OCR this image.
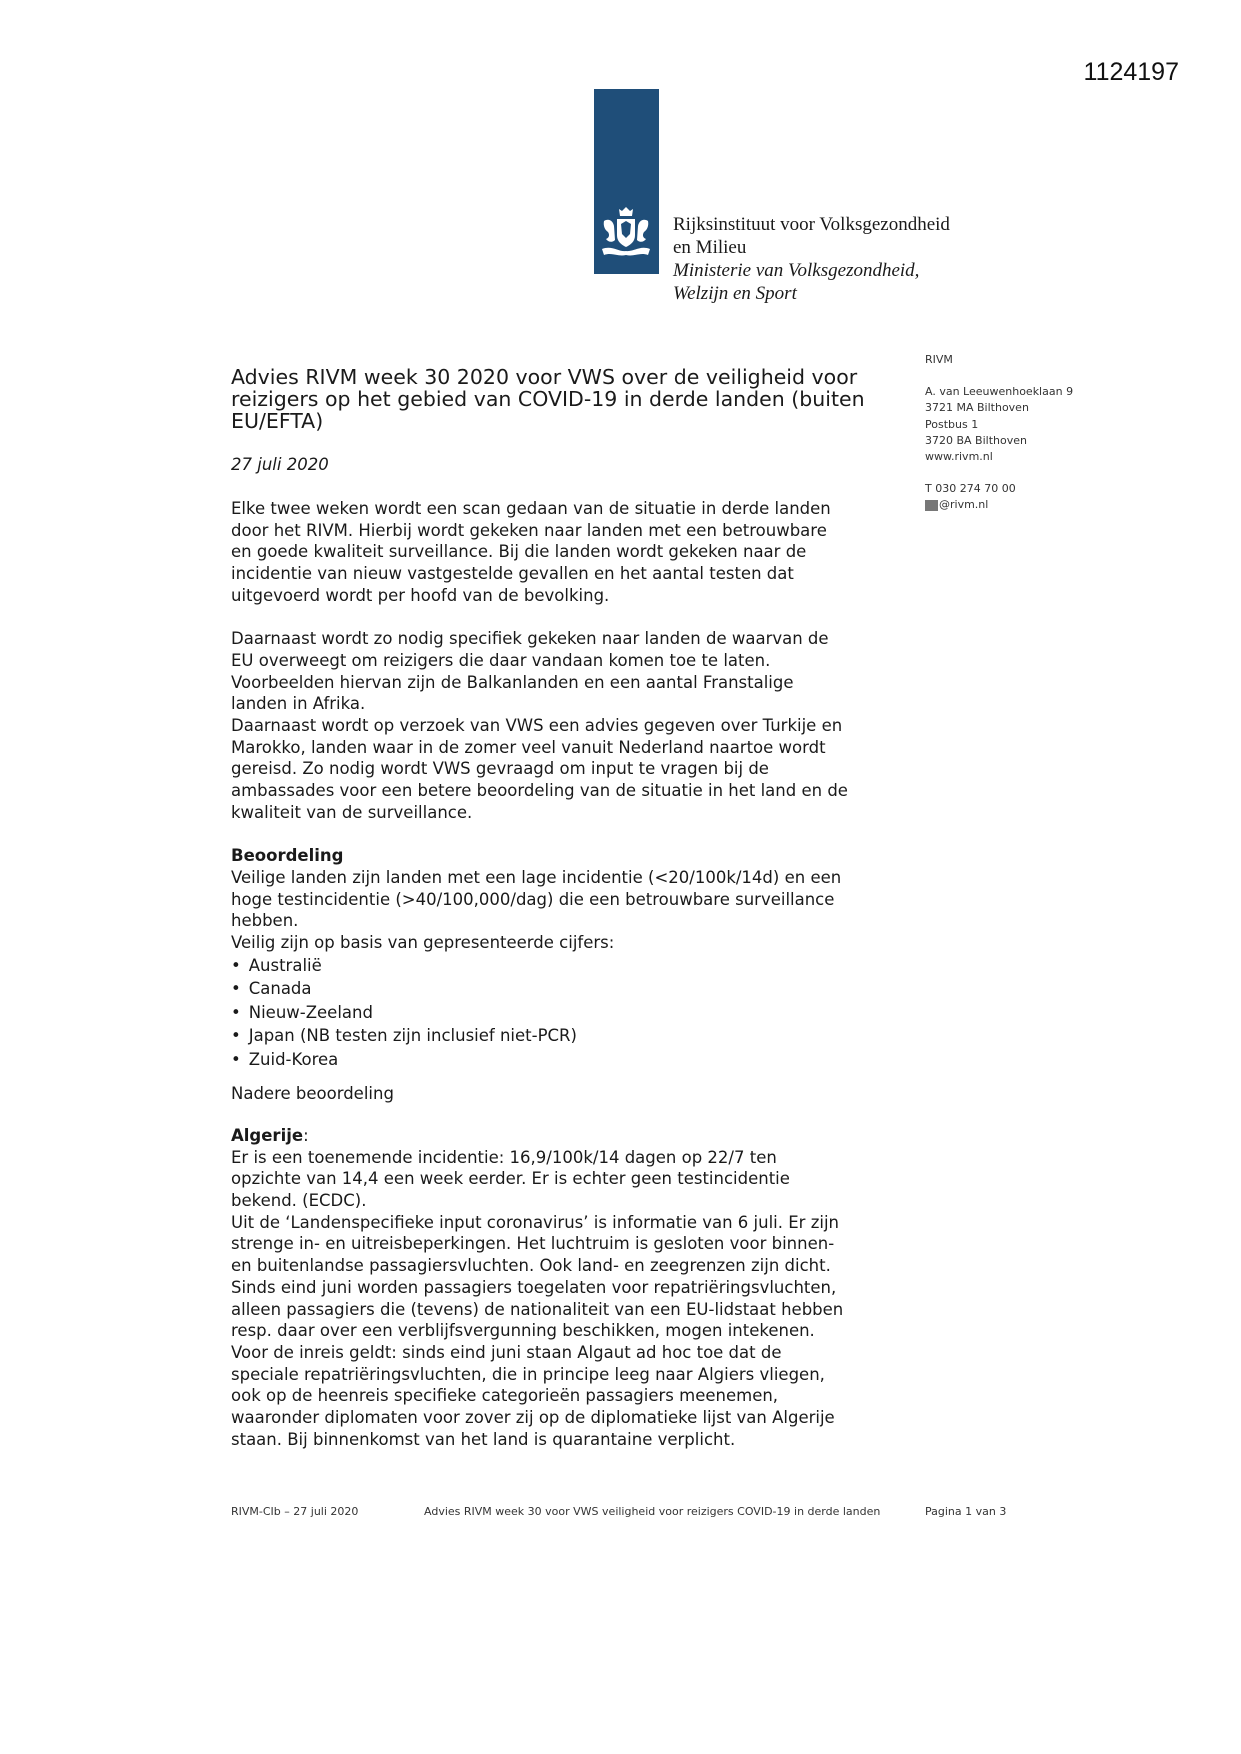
1124197
Rijksinstituut voor Volksgezondheid
en Milieu
Ministerie van Volksgezondheid,
Welzijn en Sport
RIVM
A. van Leeuwenhoeklaan 9
3721 MA Bilthoven
Postbus 1
3720 BA Bilthoven
www.rivm.nl
T 030 274 70 00
@rivm.nl
Advies RIVM week 30 2020 voor VWS over de veiligheid voor reizigers op het gebied van COVID-19 in derde landen (buiten EU/EFTA)
27 juli 2020

Elke twee weken wordt een scan gedaan van de situatie in derde landen

door het RIVM. Hierbij wordt gekeken naar landen met een betrouwbare

en goede kwaliteit surveillance. Bij die landen wordt gekeken naar de

incidentie van nieuw vastgestelde gevallen en het aantal testen dat

uitgevoerd wordt per hoofd van de bevolking.

Daarnaast wordt zo nodig specifiek gekeken naar landen de waarvan de

EU overweegt om reizigers die daar vandaan komen toe te laten.

Voorbeelden hiervan zijn de Balkanlanden en een aantal Franstalige

landen in Afrika.

Daarnaast wordt op verzoek van VWS een advies gegeven over Turkije en

Marokko, landen waar in de zomer veel vanuit Nederland naartoe wordt

gereisd. Zo nodig wordt VWS gevraagd om input te vragen bij de

ambassades voor een betere beoordeling van de situatie in het land en de

kwaliteit van de surveillance.

Beoordeling

Veilige landen zijn landen met een lage incidentie (<20/100k/14d) en een

hoge testincidentie (>40/100,000/dag) die een betrouwbare surveillance

hebben.

Veilig zijn op basis van gepresenteerde cijfers:

• Australië
• Canada
• Nieuw-Zeeland
• Japan (NB testen zijn inclusief niet-PCR)
• Zuid-Korea

Nadere beoordeling

Algerije:

Er is een toenemende incidentie: 16,9/100k/14 dagen op 22/7 ten

opzichte van 14,4 een week eerder. Er is echter geen testincidentie

bekend. (ECDC).

Uit de ‘Landenspecifieke input coronavirus’ is informatie van 6 juli. Er zijn

strenge in- en uitreisbeperkingen. Het luchtruim is gesloten voor binnen-

en buitenlandse passagiersvluchten. Ook land- en zeegrenzen zijn dicht.

Sinds eind juni worden passagiers toegelaten voor repatriëringsvluchten,

alleen passagiers die (tevens) de nationaliteit van een EU-lidstaat hebben

resp. daar over een verblijfsvergunning beschikken, mogen intekenen.

Voor de inreis geldt: sinds eind juni staan Algaut ad hoc toe dat de

speciale repatriëringsvluchten, die in principe leeg naar Algiers vliegen,

ook op de heenreis specifieke categorieën passagiers meenemen,

waaronder diplomaten voor zover zij op de diplomatieke lijst van Algerije

staan. Bij binnenkomst van het land is quarantaine verplicht.

RIVM-CIb – 27 juli 2020	Advies RIVM week 30 voor VWS veiligheid voor reizigers COVID-19 in derde landen	Pagina 1 van 3
